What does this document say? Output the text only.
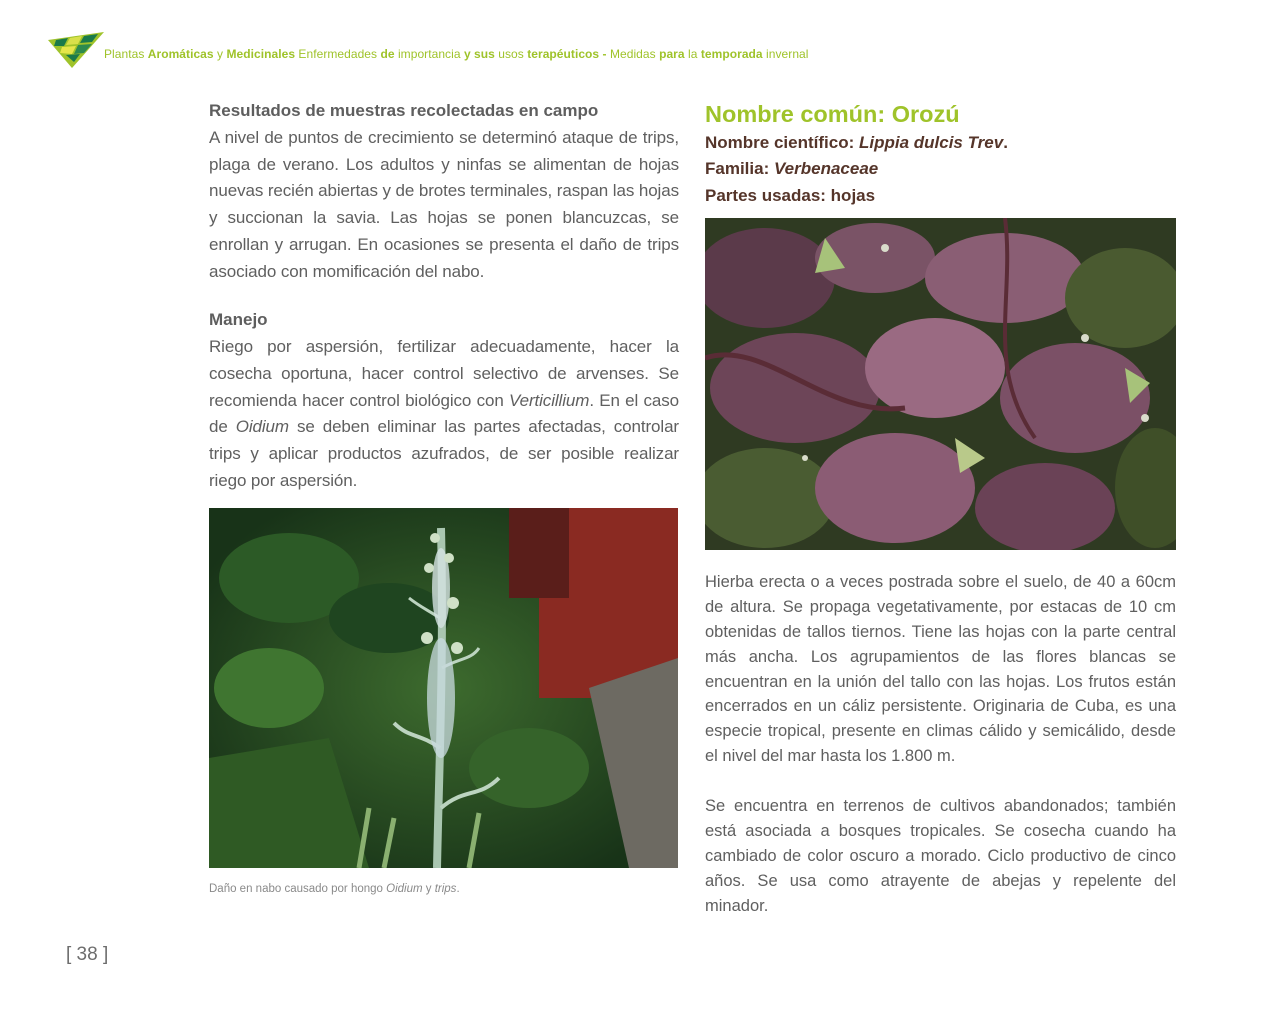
Plantas Aromáticas y Medicinales Enfermedades de importancia y sus usos terapéuticos - Medidas para la temporada invernal

Resultados de muestras recolectadas en campo

A nivel de puntos de crecimiento se determinó ataque de trips, plaga de verano. Los adultos y ninfas se alimentan de hojas nuevas recién abiertas y de brotes terminales, raspan las hojas y succionan la savia. Las hojas se ponen blancuzcas, se enrollan y arrugan. En ocasiones se presenta el daño de trips asociado con momificación del nabo.

Manejo

Riego por aspersión, fertilizar adecuadamente, hacer la cosecha oportuna, hacer control selectivo de arvenses. Se recomienda hacer control biológico con Verticillium. En el caso de Oidium se deben eliminar las partes afectadas, controlar trips y aplicar productos azufrados, de ser posible realizar riego por aspersión.

Daño en nabo causado por hongo Oidium y trips.

Nombre común: Orozú

Nombre científico: Lippia dulcis Trev.

Familia: Verbenaceae

Partes usadas: hojas

Hierba erecta o a veces postrada sobre el suelo, de 40 a 60cm de altura. Se propaga vegetativamente, por estacas de 10 cm obtenidas de tallos tiernos. Tiene las hojas con la parte central más ancha. Los agrupamientos de las flores blancas se encuentran en la unión del tallo con las hojas. Los frutos están encerrados en un cáliz persistente. Originaria de Cuba, es una especie tropical, presente en climas cálido y semicálido, desde el nivel del mar hasta los 1.800 m.

Se encuentra en terrenos de cultivos abandonados; también está asociada a bosques tropicales. Se cosecha cuando ha cambiado de color oscuro a morado. Ciclo productivo de cinco años. Se usa como atrayente de abejas y repelente del minador.

[ 38 ]
